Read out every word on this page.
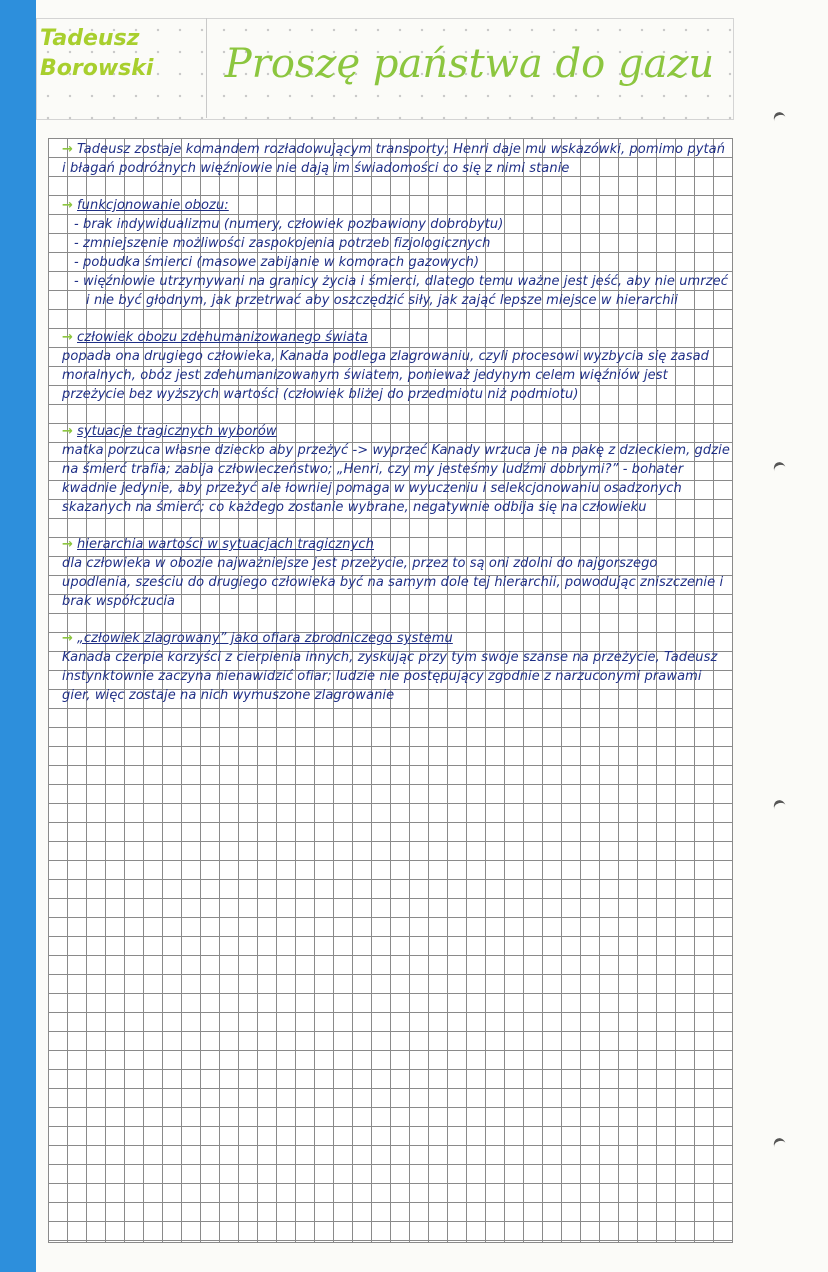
Tadeusz
Borowski	Proszę państwa do gazu

→ Tadeusz zostaje komandem rozładowującym transporty; Henri daje mu wskazówki, pomimo pytań i błagań podróżnych więźniowie nie dają im świadomości co się z nimi stanie

→ funkcjonowanie obozu:

- brak indywidualizmu (numery, człowiek pozbawiony dobrobytu)
- zmniejszenie możliwości zaspokojenia potrzeb fizjologicznych
- pobudka śmierci (masowe zabijanie w komorach gazowych)
- więźniowie utrzymywani na granicy życia i śmierci, dlatego temu ważne jest jeść, aby nie umrzeć i nie być głodnym, jak przetrwać aby oszczędzić siły, jak zająć lepsze miejsce w hierarchii

→ człowiek obozu zdehumanizowanego świata

popada ona drugiego człowieka, Kanada podlega zlagrowaniu, czyli procesowi wyzbycia się zasad moralnych, obóz jest zdehumanizowanym światem, ponieważ jedynym celem więźniów jest przeżycie bez wyższych wartości (człowiek bliżej do przedmiotu niż podmiotu)

→ sytuacje tragicznych wyborów

matka porzuca własne dziecko aby przeżyć -> wyprzeć Kanady wrzuca je na pakę z dzieckiem, gdzie na śmierć trafia; zabija człowieczeństwo; „Henri, czy my jesteśmy ludźmi dobrymi?” - bohater kwadnie jedynie, aby przeżyć ale łowniej pomaga w wyuczeniu i selekcjonowaniu osadzonych skazanych na śmierć; co każdego zostanie wybrane, negatywnie odbija się na człowieku

→ hierarchia wartości w sytuacjach tragicznych

dla człowieka w obozie najważniejsze jest przeżycie, przez to są oni zdolni do najgorszego upodlenia, sześciu do drugiego człowieka być na samym dole tej hierarchii, powodując zniszczenie i brak współczucia

→ „człowiek zlagrowany” jako ofiara zbrodniczego systemu

Kanada czerpie korzyści z cierpienia innych, zyskując przy tym swoje szanse na przeżycie, Tadeusz instynktownie zaczyna nienawidzić ofiar; ludzie nie postępujący zgodnie z narzuconymi prawami gier, więc zostaje na nich wymuszone zlagrowanie
